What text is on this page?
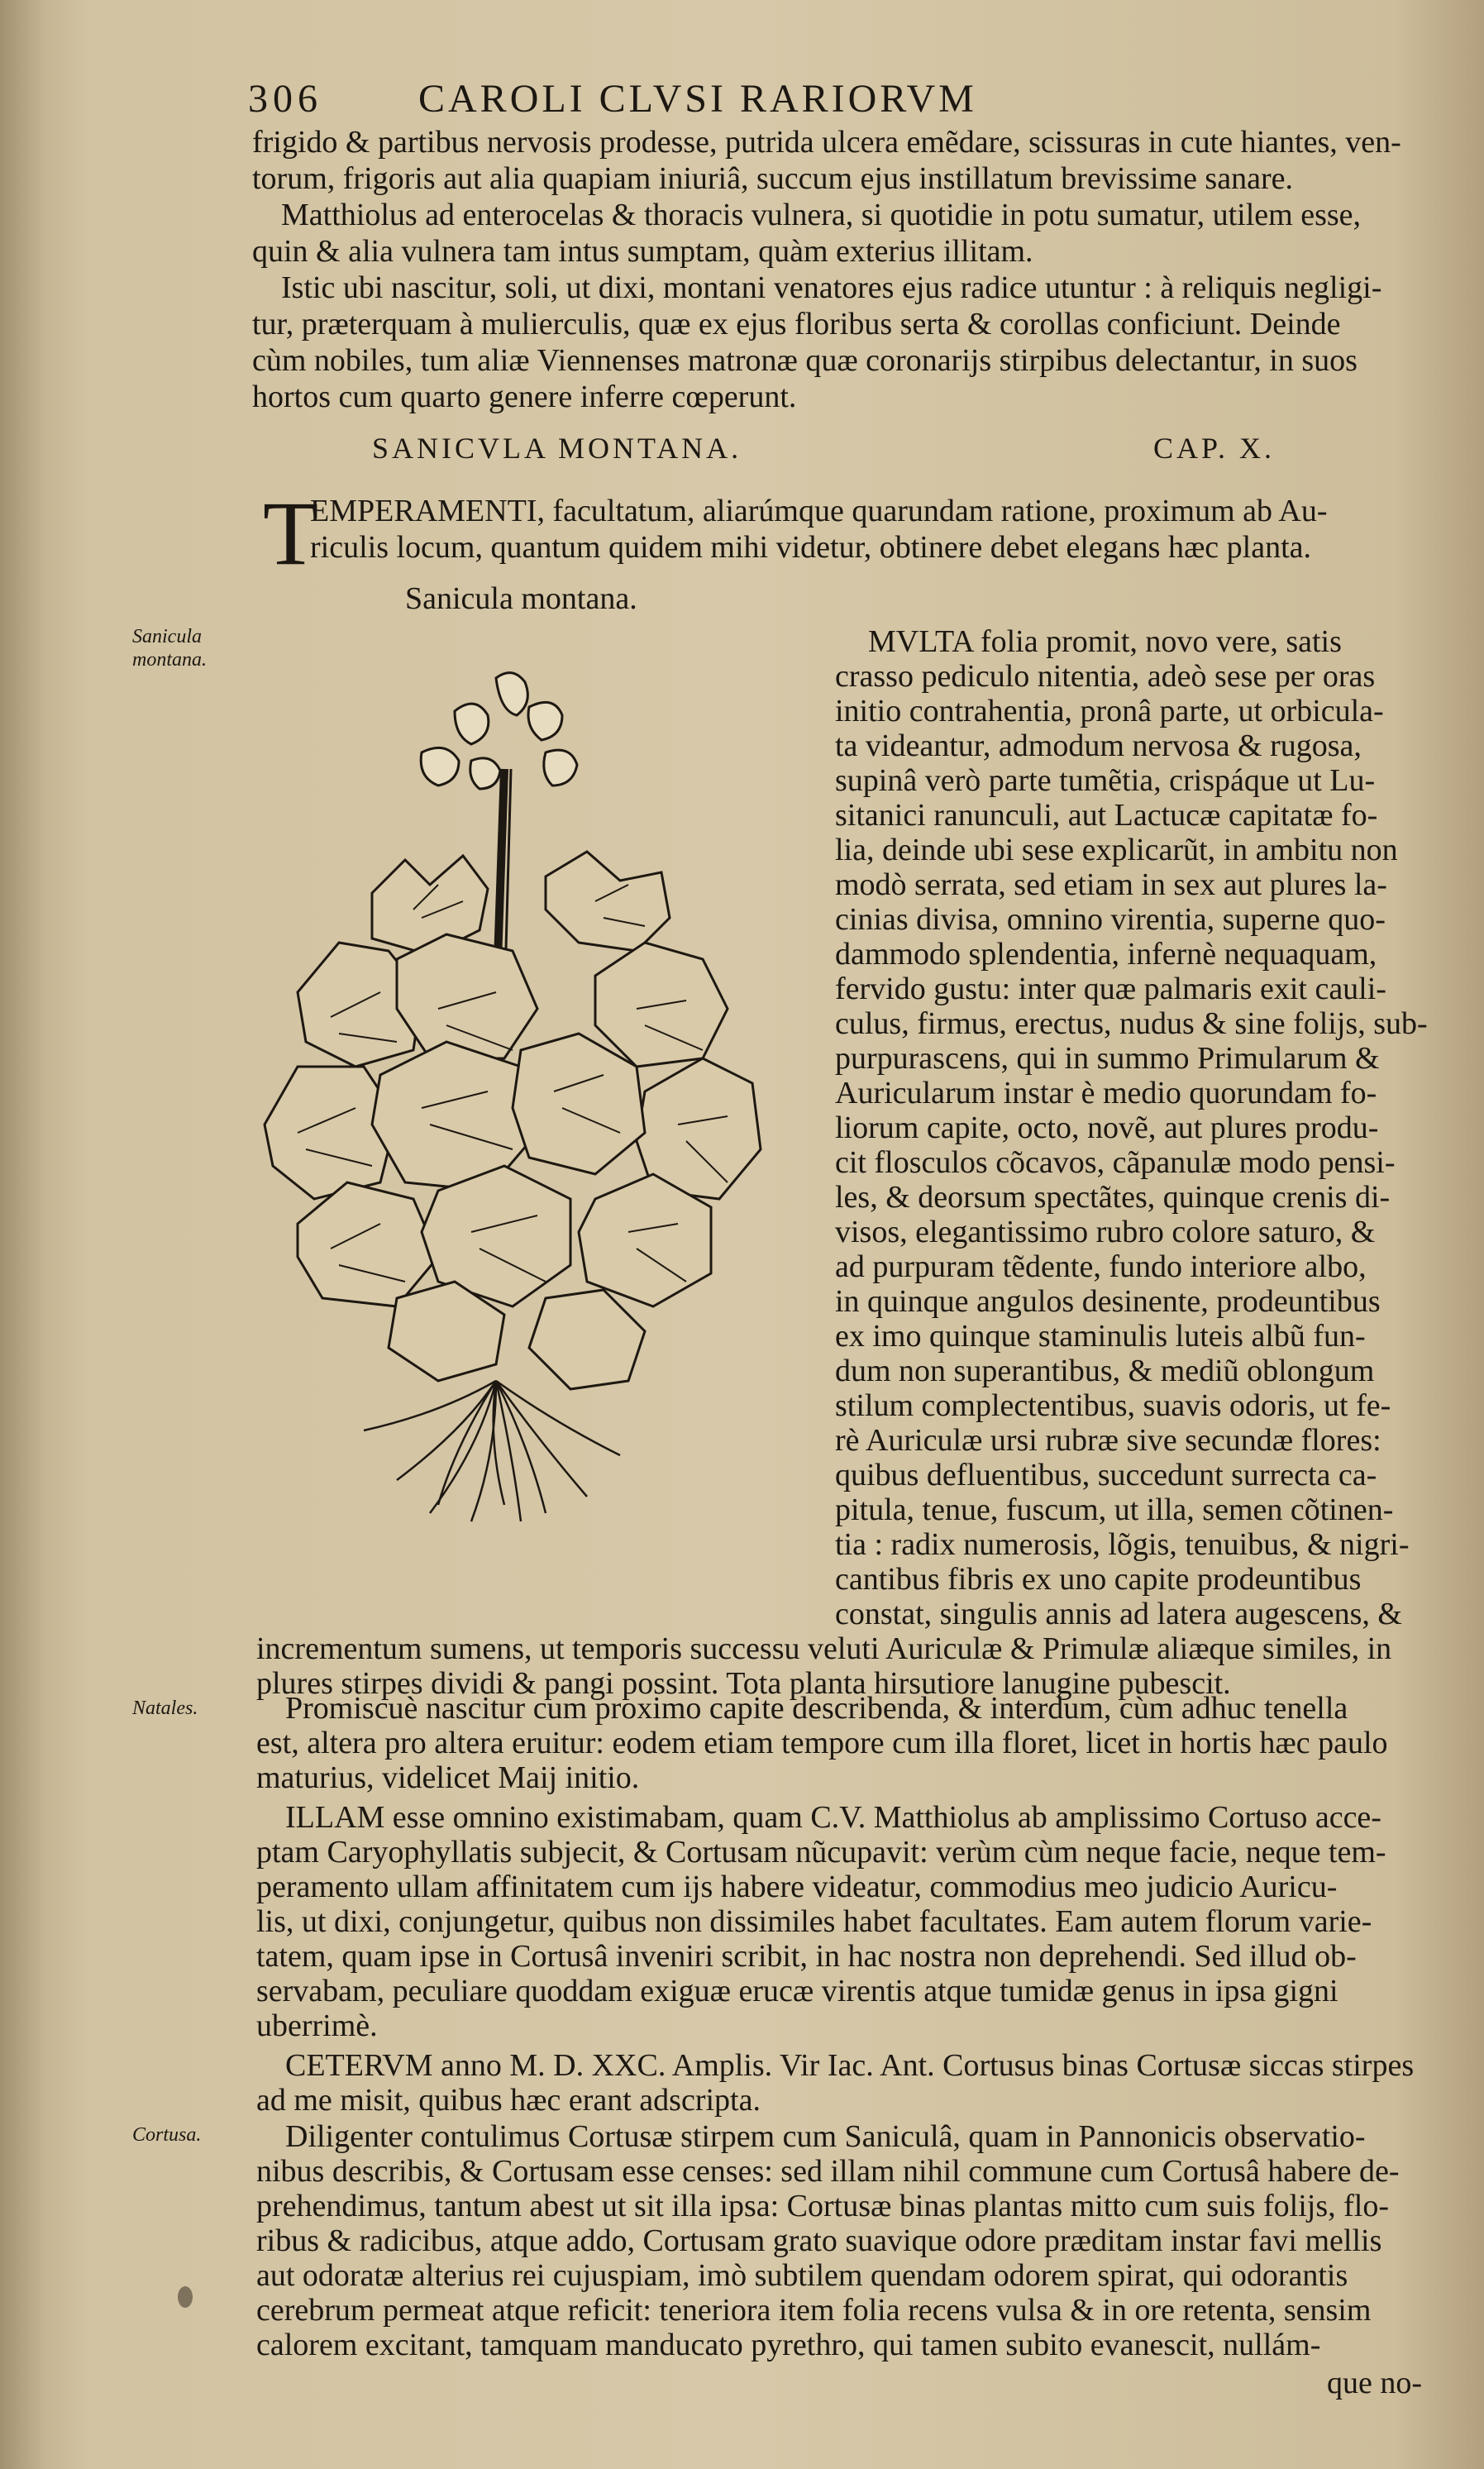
306 CAROLI CLVSI RARIORVM
frigido & partibus nervosis prodesse, putrida ulcera emẽdare, scissuras in cute hiantes, ven-
torum, frigoris aut alia quapiam iniuriâ, succum ejus instillatum brevissime sanare.
Matthiolus ad enterocelas & thoracis vulnera, si quotidie in potu sumatur, utilem esse,
quin & alia vulnera tam intus sumptam, quàm exterius illitam.
Istic ubi nascitur, soli, ut dixi, montani venatores ejus radice utuntur : à reliquis negligi-
tur, præterquam à mulierculis, quæ ex ejus floribus serta & corollas conficiunt. Deinde
cùm nobiles, tum aliæ Viennenses matronæ quæ coronarijs stirpibus delectantur, in suos
hortos cum quarto genere inferre cœperunt.
SANICVLA MONTANA.	CAP. X.
T
EMPERAMENTI, facultatum, aliarúmque quarundam ratione, proximum ab Au-
riculis locum, quantum quidem mihi videtur, obtinere debet elegans hæc planta.
Sanicula montana.
Sanicula
montana.
MVLTA folia promit, novo vere, satis
crasso pediculo nitentia, adeò sese per oras
initio contrahentia, pronâ parte, ut orbicula-
ta videantur, admodum nervosa & rugosa,
supinâ verò parte tumẽtia, crispáque ut Lu-
sitanici ranunculi, aut Lactucæ capitatæ fo-
lia, deinde ubi sese explicarũt, in ambitu non
modò serrata, sed etiam in sex aut plures la-
cinias divisa, omnino virentia, superne quo-
dammodo splendentia, infernè nequaquam,
fervido gustu: inter quæ palmaris exit cauli-
culus, firmus, erectus, nudus & sine folijs, sub-
purpurascens, qui in summo Primularum &
Auricularum instar è medio quorundam fo-
liorum capite, octo, novẽ, aut plures produ-
cit flosculos cõcavos, cãpanulæ modo pensi-
les, & deorsum spectãtes, quinque crenis di-
visos, elegantissimo rubro colore saturo, &
ad purpuram tẽdente, fundo interiore albo,
in quinque angulos desinente, prodeuntibus
ex imo quinque staminulis luteis albũ fun-
dum non superantibus, & mediũ oblongum
stilum complectentibus, suavis odoris, ut fe-
rè Auriculæ ursi rubræ sive secundæ flores:
quibus defluentibus, succedunt surrecta ca-
pitula, tenue, fuscum, ut illa, semen cõtinen-
tia : radix numerosis, lõgis, tenuibus, & nigri-
cantibus fibris ex uno capite prodeuntibus
constat, singulis annis ad latera augescens, &
incrementum sumens, ut temporis successu veluti Auriculæ & Primulæ aliæque similes, in
plures stirpes dividi & pangi possint. Tota planta hirsutiore lanugine pubescit.
Natales.	Promiscuè nascitur cum proximo capite describenda, & interdum, cùm adhuc tenella
est, altera pro altera eruitur: eodem etiam tempore cum illa floret, licet in hortis hæc paulo
maturius, videlicet Maij initio.
ILLAM esse omnino existimabam, quam C.V. Matthiolus ab amplissimo Cortuso acce-
ptam Caryophyllatis subjecit, & Cortusam nũcupavit: verùm cùm neque facie, neque tem-
peramento ullam affinitatem cum ijs habere videatur, commodius meo judicio Auricu-
lis, ut dixi, conjungetur, quibus non dissimiles habet facultates. Eam autem florum varie-
tatem, quam ipse in Cortusâ inveniri scribit, in hac nostra non deprehendi. Sed illud ob-
servabam, peculiare quoddam exiguæ erucæ virentis atque tumidæ genus in ipsa gigni
uberrimè.
CETERVM anno M. D. XXC. Amplis. Vir Iac. Ant. Cortusus binas Cortusæ siccas stirpes
ad me misit, quibus hæc erant adscripta.
Cortusa.	Diligenter contulimus Cortusæ stirpem cum Saniculâ, quam in Pannonicis observatio-
nibus describis, & Cortusam esse censes: sed illam nihil commune cum Cortusâ habere de-
prehendimus, tantum abest ut sit illa ipsa: Cortusæ binas plantas mitto cum suis folijs, flo-
ribus & radicibus, atque addo, Cortusam grato suavique odore præditam instar favi mellis
aut odoratæ alterius rei cujuspiam, imò subtilem quendam odorem spirat, qui odorantis
cerebrum permeat atque reficit: teneriora item folia recens vulsa & in ore retenta, sensim
calorem excitant, tamquam manducato pyrethro, qui tamen subito evanescit, nullám-
que no-
